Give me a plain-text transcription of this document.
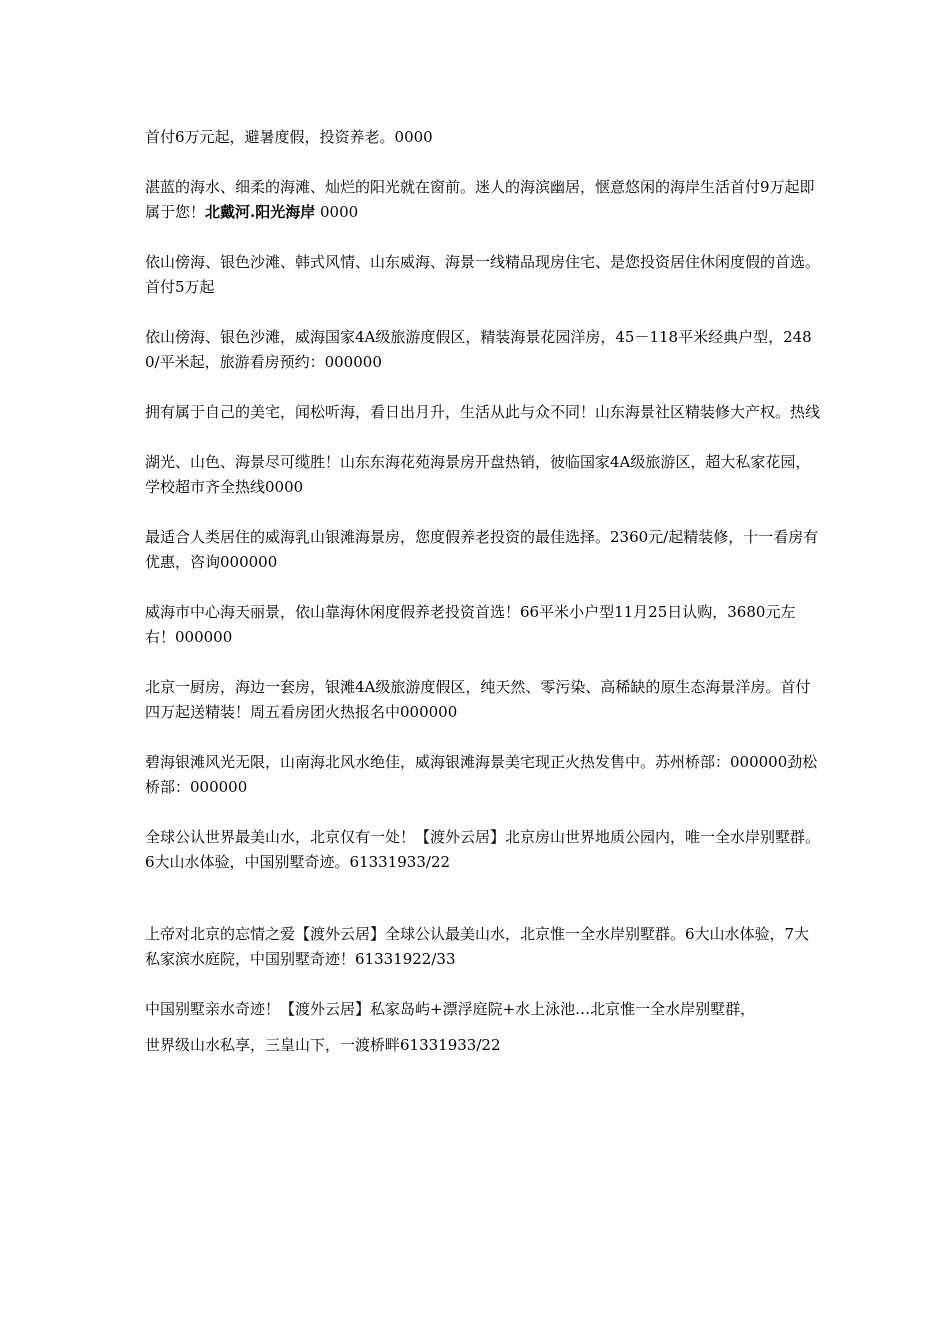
首付6万元起，避暑度假，投资养老。0000

湛蓝的海水、细柔的海滩、灿烂的阳光就在窗前。迷人的海滨幽居，惬意悠闲的海岸生活首付9万起即属于您！北戴河.阳光海岸 0000

依山傍海、银色沙滩、韩式风情、山东威海、海景一线精品现房住宅、是您投资居住休闲度假的首选。首付5万起

依山傍海、银色沙滩，威海国家4A级旅游度假区，精装海景花园洋房，45－118平米经典户型，2480/平米起，旅游看房预约：000000

拥有属于自己的美宅，闻松听海，看日出月升，生活从此与众不同！山东海景社区精装修大产权。热线

湖光、山色、海景尽可缆胜！山东东海花苑海景房开盘热销，彼临国家4A级旅游区，超大私家花园，学校超市齐全热线0000

最适合人类居住的威海乳山银滩海景房，您度假养老投资的最佳选择。2360元/起精装修，十一看房有优惠，咨询000000

威海市中心海天丽景，依山靠海休闲度假养老投资首选！66平米小户型11月25日认购，3680元左右！000000

北京一厨房，海边一套房，银滩4A级旅游度假区，纯天然、零污染、高稀缺的原生态海景洋房。首付四万起送精装！周五看房团火热报名中000000

碧海银滩风光无限，山南海北风水绝佳，威海银滩海景美宅现正火热发售中。苏州桥部：000000劲松桥部：000000

全球公认世界最美山水，北京仅有一处！【渡外云居】北京房山世界地质公园内，唯一全水岸别墅群。6大山水体验，中国别墅奇迹。61331933/22

上帝对北京的忘情之爱【渡外云居】全球公认最美山水，北京惟一全水岸别墅群。6大山水体验，7大私家滨水庭院，中国别墅奇迹！61331922/33

中国别墅亲水奇迹！【渡外云居】私家岛屿+漂浮庭院+水上泳池…北京惟一全水岸别墅群，

世界级山水私享，三皇山下，一渡桥畔61331933/22
